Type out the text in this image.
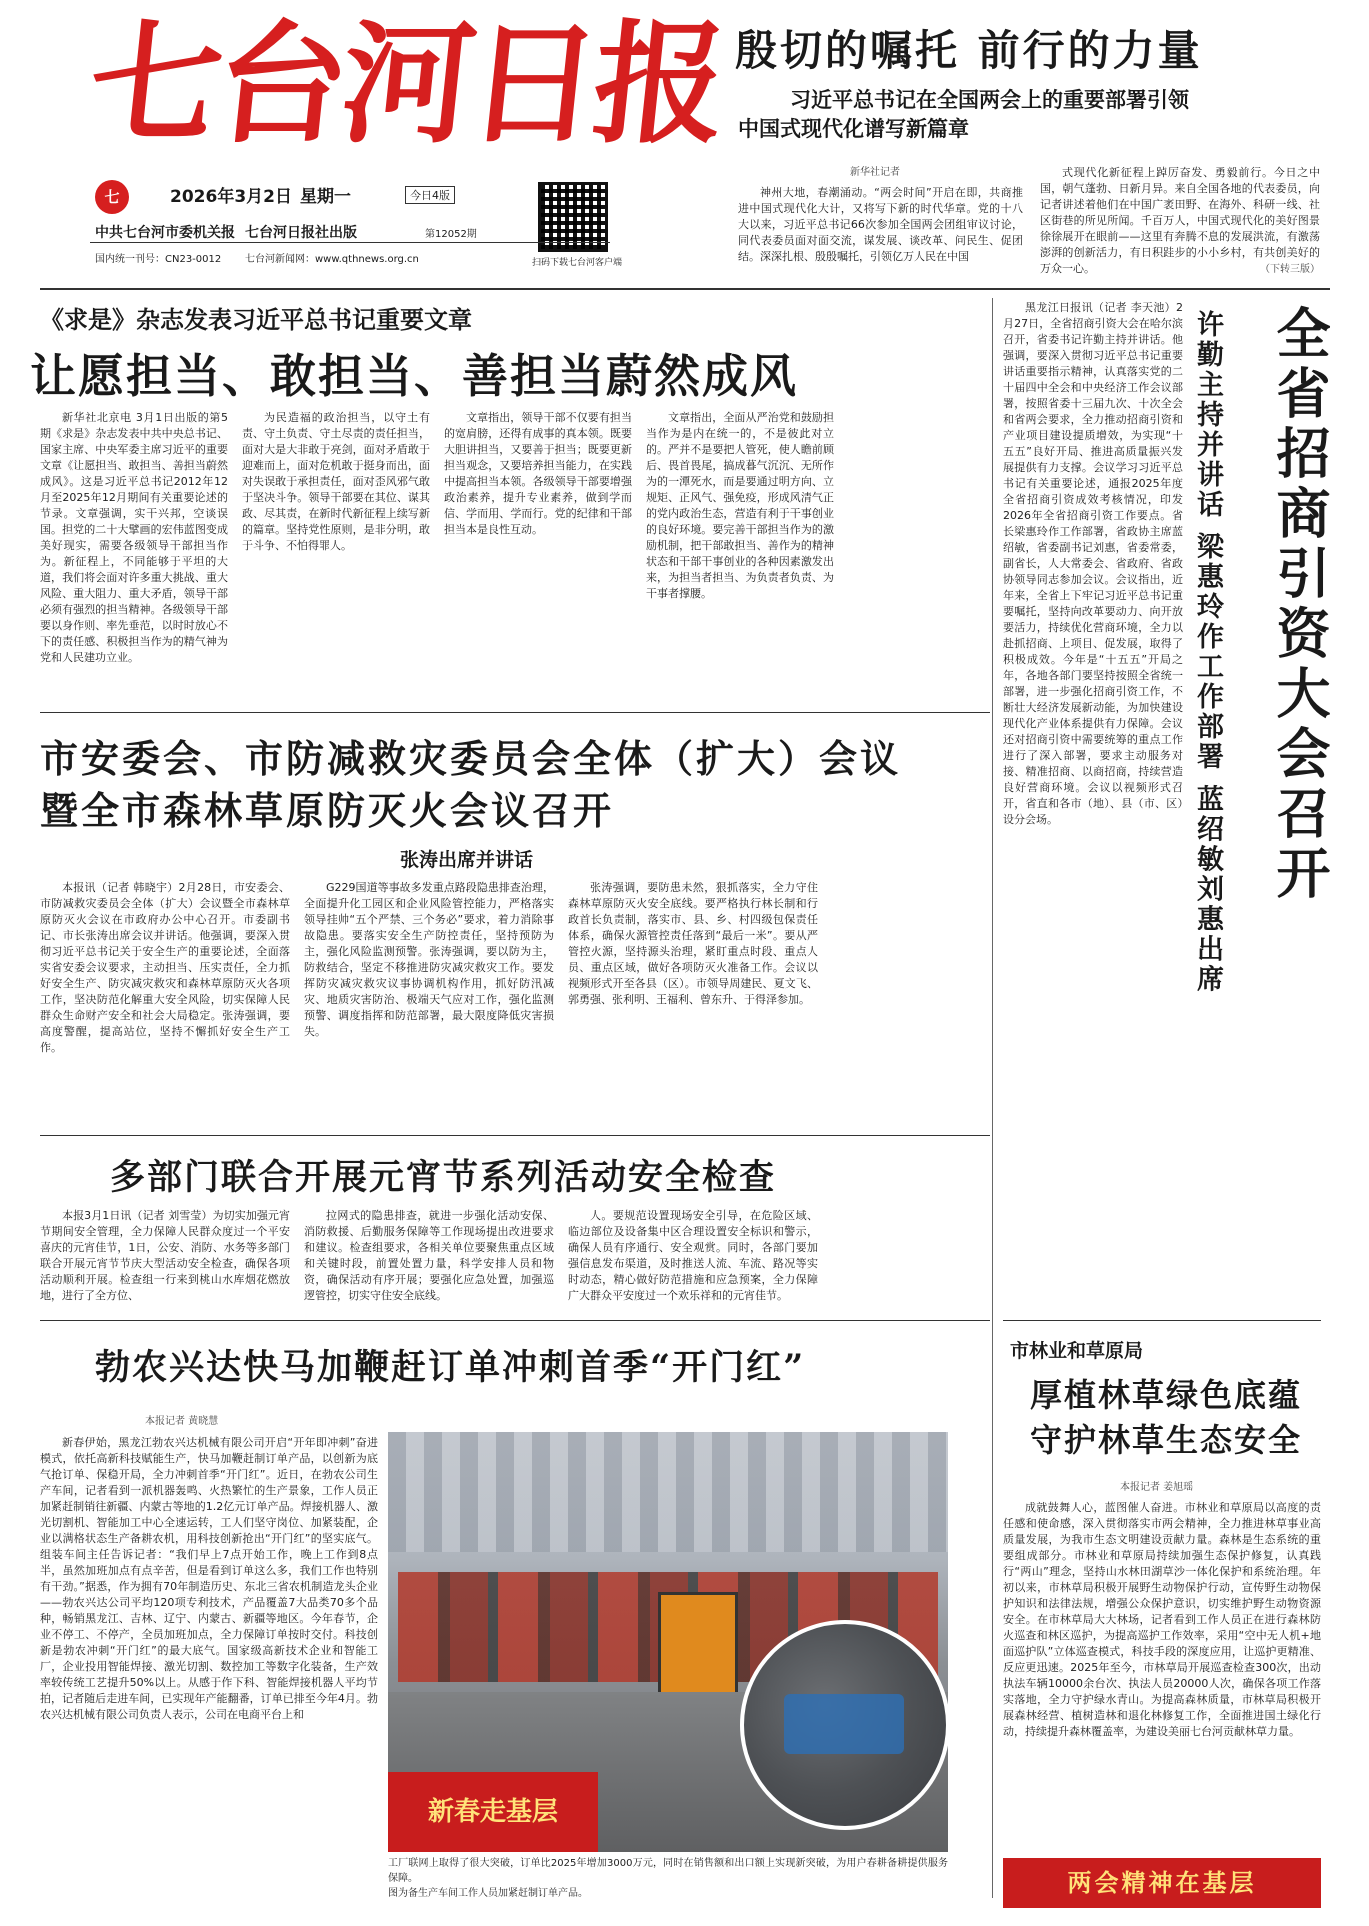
七台河日报
七	2026年3月2日 星期一	今日4版
中共七台河市委机关报 七台河日报社出版	第12052期
国内统一刊号：CN23-0012 七台河新闻网：www.qthnews.org.cn	扫码下载七台河客户端
殷切的嘱托 前行的力量
习近平总书记在全国两会上的重要部署引领
中国式现代化谱写新篇章
新华社记者

神州大地，春潮涌动。“两会时间”开启在即，共商推进中国式现代化大计，又将写下新的时代华章。党的十八大以来，习近平总书记66次参加全国两会团组审议讨论，同代表委员面对面交流，谋发展、谈改革、问民生、促团结。深深扎根、殷殷嘱托，引领亿万人民在中国

式现代化新征程上踔厉奋发、勇毅前行。今日之中国，朝气蓬勃、日新月异。来自全国各地的代表委员，向记者讲述着他们在中国广袤田野、在海外、科研一线、社区街巷的所见所闻。千百万人，中国式现代化的美好图景徐徐展开在眼前——这里有奔腾不息的发展洪流，有激荡澎湃的创新活力，有日积跬步的小小乡村，有共创美好的万众一心。	（下转三版）
《求是》杂志发表习近平总书记重要文章
让愿担当、敢担当、善担当蔚然成风

新华社北京电 3月1日出版的第5期《求是》杂志发表中共中央总书记、国家主席、中央军委主席习近平的重要文章《让愿担当、敢担当、善担当蔚然成风》。这是习近平总书记2012年12月至2025年12月期间有关重要论述的节录。文章强调，实干兴邦，空谈误国。担党的二十大擘画的宏伟蓝图变成美好现实，需要各级领导干部担当作为。新征程上，不同能够于平坦的大道，我们将会面对许多重大挑战、重大风险、重大阻力、重大矛盾，领导干部必须有强烈的担当精神。各级领导干部要以身作则、率先垂范，以时时放心不下的责任感、积极担当作为的精气神为党和人民建功立业。

为民造福的政治担当，以守土有责、守土负责、守土尽责的责任担当，面对大是大非敢于亮剑，面对矛盾敢于迎难而上，面对危机敢于挺身而出，面对失误敢于承担责任，面对歪风邪气敢于坚决斗争。领导干部要在其位、谋其政、尽其责，在新时代新征程上续写新的篇章。坚持党性原则，是非分明，敢于斗争、不怕得罪人。

文章指出，领导干部不仅要有担当的宽肩膀，还得有成事的真本领。既要大胆讲担当，又要善于担当；既要更新担当观念，又要培养担当能力，在实践中提高担当本领。各级领导干部要增强政治素养，提升专业素养，做到学而信、学而用、学而行。党的纪律和干部担当本是良性互动。

文章指出，全面从严治党和鼓励担当作为是内在统一的，不是彼此对立的。严并不是要把人管死，使人瞻前顾后、畏首畏尾，搞成暮气沉沉、无所作为的一潭死水，而是要通过明方向、立规矩、正风气、强免疫，形成风清气正的党内政治生态，营造有利于干事创业的良好环境。要完善干部担当作为的激励机制，把干部敢担当、善作为的精神状态和干部干事创业的各种因素激发出来，为担当者担当、为负责者负责、为干事者撑腰。

市安委会、市防减救灾委员会全体（扩大）会议
暨全市森林草原防灭火会议召开
张涛出席并讲话

本报讯（记者 韩晓宇）2月28日，市安委会、市防减救灾委员会全体（扩大）会议暨全市森林草原防灭火会议在市政府办公中心召开。市委副书记、市长张涛出席会议并讲话。他强调，要深入贯彻习近平总书记关于安全生产的重要论述，全面落实省安委会议要求，主动担当、压实责任，全力抓好安全生产、防灾减灾救灾和森林草原防灭火各项工作，坚决防范化解重大安全风险，切实保障人民群众生命财产安全和社会大局稳定。张涛强调，要高度警醒，提高站位，坚持不懈抓好安全生产工作。

G229国道等事故多发重点路段隐患排查治理，全面提升化工园区和企业风险管控能力，严格落实领导挂帅“五个严禁、三个务必”要求，着力消除事故隐患。要落实安全生产防控责任，坚持预防为主，强化风险监测预警。张涛强调，要以防为主，防救结合，坚定不移推进防灾减灾救灾工作。要发挥防灾减灾救灾议事协调机构作用，抓好防汛减灾、地质灾害防治、极端天气应对工作，强化监测预警、调度指挥和防范部署，最大限度降低灾害损失。

张涛强调，要防患未然，狠抓落实，全力守住森林草原防灭火安全底线。要严格执行林长制和行政首长负责制，落实市、县、乡、村四级包保责任体系，确保火源管控责任落到“最后一米”。要从严管控火源，坚持源头治理，紧盯重点时段、重点人员、重点区域，做好各项防灭火准备工作。会议以视频形式开至各县（区）。市领导周建民、夏文飞、郭勇强、张利明、王福利、曾东升、于得泽参加。

多部门联合开展元宵节系列活动安全检查

本报3月1日讯（记者 刘雪莹）为切实加强元宵节期间安全管理，全力保障人民群众度过一个平安喜庆的元宵佳节，1日，公安、消防、水务等多部门联合开展元宵节节庆大型活动安全检查，确保各项活动顺利开展。检查组一行来到桃山水库烟花燃放地，进行了全方位、

拉网式的隐患排查，就进一步强化活动安保、消防救援、后勤服务保障等工作现场提出改进要求和建议。检查组要求，各相关单位要聚焦重点区域和关键时段，前置处置力量，科学安排人员和物资，确保活动有序开展；要强化应急处置，加强巡逻管控，切实守住安全底线。

人。要规范设置现场安全引导，在危险区域、临边部位及设备集中区合理设置安全标识和警示，确保人员有序通行、安全观赏。同时，各部门要加强信息发布渠道，及时推送人流、车流、路况等实时动态，精心做好防范措施和应急预案，全力保障广大群众平安度过一个欢乐祥和的元宵佳节。

勃农兴达快马加鞭赶订单冲刺首季“开门红”
本报记者 黄晓慧

新春伊始，黑龙江勃农兴达机械有限公司开启“开年即冲刺”奋进模式，依托高新科技赋能生产，快马加鞭赶制订单产品，以创新为底气抢订单、保稳开局，全力冲刺首季“开门红”。近日，在勃农公司生产车间，记者看到一派机器轰鸣、火热繁忙的生产景象，工作人员正加紧赶制销往新疆、内蒙古等地的1.2亿元订单产品。焊接机器人、激光切割机、智能加工中心全速运转，工人们坚守岗位、加紧装配，企业以满格状态生产备耕农机，用科技创新抢出“开门红”的坚实底气。组装车间主任告诉记者：“我们早上7点开始工作，晚上工作到8点半，虽然加班加点有点辛苦，但是看到订单这么多，我们工作也特别有干劲。”据悉，作为拥有70年制造历史、东北三省农机制造龙头企业——勃农兴达公司平均120项专利技术，产品覆盖7大品类70多个品种，畅销黑龙江、吉林、辽宁、内蒙古、新疆等地区。今年春节，企业不停工、不停产，全员加班加点，全力保障订单按时交付。科技创新是勃农冲刺“开门红”的最大底气。国家级高新技术企业和智能工厂，企业投用智能焊接、激光切割、数控加工等数字化装备，生产效率较传统工艺提升50%以上。从感于作下科、智能焊接机器人平均节拍，记者随后走进车间，已实现年产能翻番，订单已排至今年4月。勃农兴达机械有限公司负责人表示，公司在电商平台上和

新春走基层
工厂联网上取得了很大突破，订单比2025年增加3000万元，同时在销售额和出口额上实现新突破，为用户春耕备耕提供服务保障。
图为备生产车间工作人员加紧赶制订单产品。

黑龙江日报讯（记者 李天池）2月27日，全省招商引资大会在哈尔滨召开，省委书记许勤主持并讲话。他强调，要深入贯彻习近平总书记重要讲话重要指示精神，认真落实党的二十届四中全会和中央经济工作会议部署，按照省委十三届九次、十次全会和省两会要求，全力推动招商引资和产业项目建设提质增效，为实现“十五五”良好开局、推进高质量振兴发展提供有力支撑。会议学习习近平总书记有关重要论述，通报2025年度全省招商引资成效考核情况，印发2026年全省招商引资工作要点。省长梁惠玲作工作部署，省政协主席蓝绍敏，省委副书记刘惠，省委常委，副省长，人大常委会、省政府、省政协领导同志参加会议。会议指出，近年来，全省上下牢记习近平总书记重要嘱托，坚持向改革要动力、向开放要活力，持续优化营商环境，全力以赴抓招商、上项目、促发展，取得了积极成效。今年是“十五五”开局之年，各地各部门要坚持按照全省统一部署，进一步强化招商引资工作，不断壮大经济发展新动能，为加快建设现代化产业体系提供有力保障。会议还对招商引资中需要统筹的重点工作进行了深入部署，要求主动服务对接、精准招商、以商招商，持续营造良好营商环境。会议以视频形式召开，省直和各市（地）、县（市、区）设分会场。	许勤主持并讲话 梁惠玲作工作部署 蓝绍敏刘惠出席 全省招商引资大会召开
市林业和草原局
厚植林草绿色底蕴
守护林草生态安全
本报记者 姜旭瑶

成就鼓舞人心，蓝图催人奋进。市林业和草原局以高度的责任感和使命感，深入贯彻落实市两会精神，全力推进林草事业高质量发展，为我市生态文明建设贡献力量。森林是生态系统的重要组成部分。市林业和草原局持续加强生态保护修复，认真践行“两山”理念，坚持山水林田湖草沙一体化保护和系统治理。年初以来，市林草局积极开展野生动物保护行动，宣传野生动物保护知识和法律法规，增强公众保护意识，切实维护野生动物资源安全。在市林草局大大林场，记者看到工作人员正在进行森林防火巡查和林区巡护，为提高巡护工作效率，采用“空中无人机+地面巡护队”立体巡查模式，科技手段的深度应用，让巡护更精准、反应更迅速。2025年至今，市林草局开展巡查检查300次，出动执法车辆10000余台次、执法人员20000人次，确保各项工作落实落地，全力守护绿水青山。为提高森林质量，市林草局积极开展森林经营、植树造林和退化林修复工作，全面推进国土绿化行动，持续提升森林覆盖率，为建设美丽七台河贡献林草力量。

两会精神在基层
